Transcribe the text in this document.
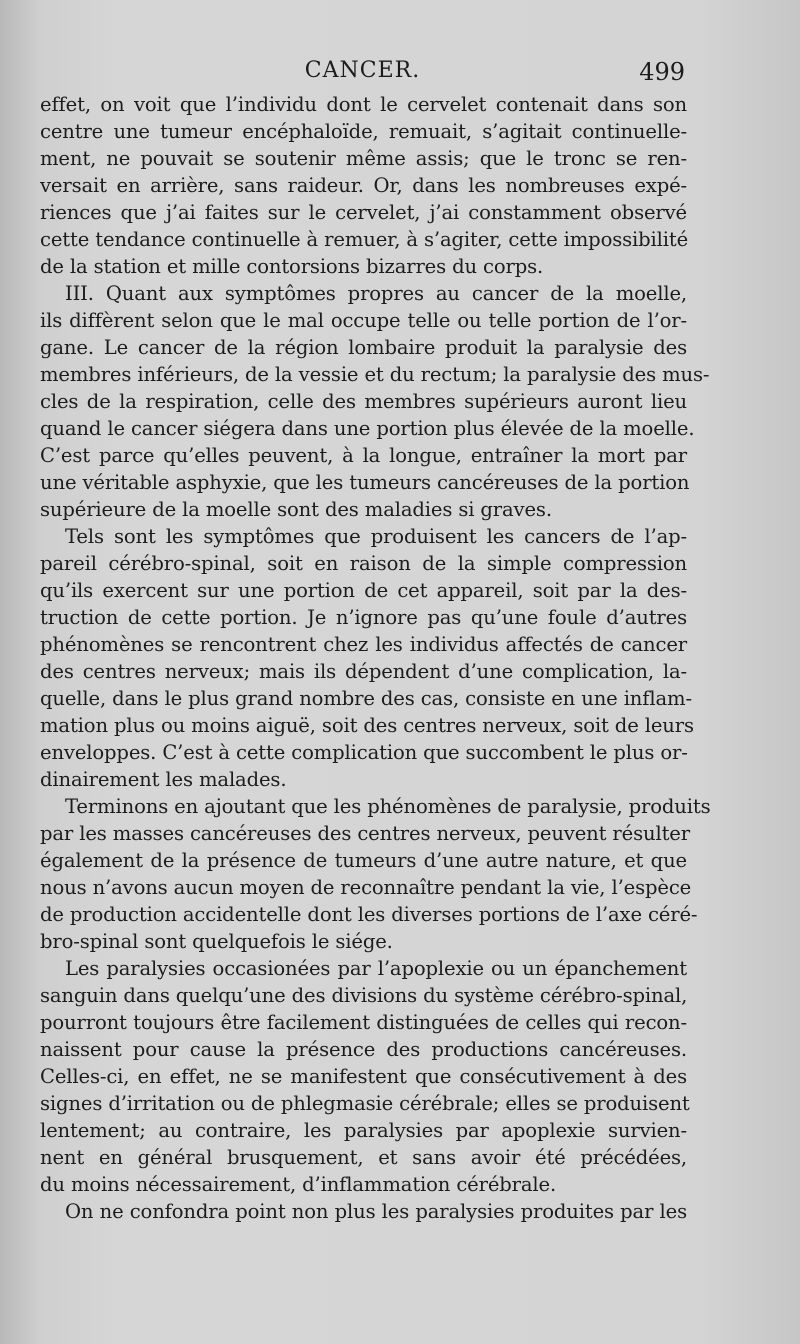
CANCER.	499
effet, on voit que l’individu dont le cervelet contenait dans son
centre une tumeur encéphaloïde, remuait, s’agitait continuelle-
ment, ne pouvait se soutenir même assis; que le tronc se ren-
versait en arrière, sans raideur. Or, dans les nombreuses expé-
riences que j’ai faites sur le cervelet, j’ai constamment observé
cette tendance continuelle à remuer, à s’agiter, cette impossibilité
de la station et mille contorsions bizarres du corps.
III. Quant aux symptômes propres au cancer de la moelle,
ils diffèrent selon que le mal occupe telle ou telle portion de l’or-
gane. Le cancer de la région lombaire produit la paralysie des
membres inférieurs, de la vessie et du rectum; la paralysie des mus-
cles de la respiration, celle des membres supérieurs auront lieu
quand le cancer siégera dans une portion plus élevée de la moelle.
C’est parce qu’elles peuvent, à la longue, entraîner la mort par
une véritable asphyxie, que les tumeurs cancéreuses de la portion
supérieure de la moelle sont des maladies si graves.
Tels sont les symptômes que produisent les cancers de l’ap-
pareil cérébro-spinal, soit en raison de la simple compression
qu’ils exercent sur une portion de cet appareil, soit par la des-
truction de cette portion. Je n’ignore pas qu’une foule d’autres
phénomènes se rencontrent chez les individus affectés de cancer
des centres nerveux; mais ils dépendent d’une complication, la-
quelle, dans le plus grand nombre des cas, consiste en une inflam-
mation plus ou moins aiguë, soit des centres nerveux, soit de leurs
enveloppes. C’est à cette complication que succombent le plus or-
dinairement les malades.
Terminons en ajoutant que les phénomènes de paralysie, produits
par les masses cancéreuses des centres nerveux, peuvent résulter
également de la présence de tumeurs d’une autre nature, et que
nous n’avons aucun moyen de reconnaître pendant la vie, l’espèce
de production accidentelle dont les diverses portions de l’axe céré-
bro-spinal sont quelquefois le siége.
Les paralysies occasionées par l’apoplexie ou un épanchement
sanguin dans quelqu’une des divisions du système cérébro-spinal,
pourront toujours être facilement distinguées de celles qui recon-
naissent pour cause la présence des productions cancéreuses.
Celles-ci, en effet, ne se manifestent que consécutivement à des
signes d’irritation ou de phlegmasie cérébrale; elles se produisent
lentement; au contraire, les paralysies par apoplexie survien-
nent en général brusquement, et sans avoir été précédées,
du moins nécessairement, d’inflammation cérébrale.
On ne confondra point non plus les paralysies produites par les
